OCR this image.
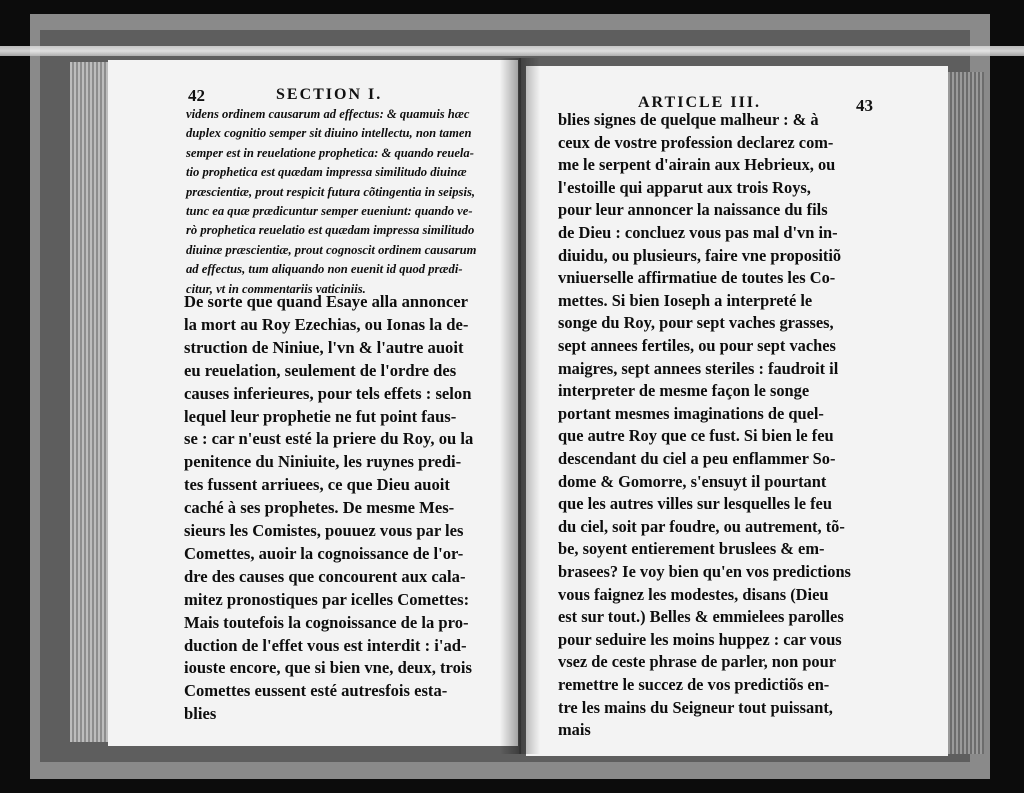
42	SECTION I.
videns ordinem causarum ad effectus: & quamuis hæc
duplex cognitio semper sit diuino intellectu, non tamen
semper est in reuelatione prophetica: & quando reuela-
tio prophetica est quædam impressa similitudo diuinæ
præscientiæ, prout respicit futura cõtingentia in seipsis,
tunc ea quæ prædicuntur semper eueniunt: quando ve-
rò prophetica reuelatio est quædam impressa similitudo
diuinæ præscientiæ, prout cognoscit ordinem causarum
ad effectus, tum aliquando non euenit id quod prædi-
citur, vt in commentariis vaticiniis.
De sorte que quand Esaye alla annoncer
la mort au Roy Ezechias, ou Ionas la de-
struction de Niniue, l'vn & l'autre auoit
eu reuelation, seulement de l'ordre des
causes inferieures, pour tels effets : selon
lequel leur prophetie ne fut point faus-
se : car n'eust esté la priere du Roy, ou la
penitence du Niniuite, les ruynes predi-
tes fussent arriuees, ce que Dieu auoit
caché à ses prophetes. De mesme Mes-
sieurs les Comistes, pouuez vous par les
Comettes, auoir la cognoissance de l'or-
dre des causes que concourent aux cala-
mitez pronostiques par icelles Comettes:
Mais toutefois la cognoissance de la pro-
duction de l'effet vous est interdit : i'ad-
iouste encore, que si bien vne, deux, trois
Comettes eussent esté autresfois esta-
blies
ARTICLE III.	43
blies signes de quelque malheur : & à
ceux de vostre profession declarez com-
me le serpent d'airain aux Hebrieux, ou
l'estoille qui apparut aux trois Roys,
pour leur annoncer la naissance du fils
de Dieu : concluez vous pas mal d'vn in-
diuidu, ou plusieurs, faire vne propositiõ
vniuerselle affirmatiue de toutes les Co-
mettes. Si bien Ioseph a interpreté le
songe du Roy, pour sept vaches grasses,
sept annees fertiles, ou pour sept vaches
maigres, sept annees steriles : faudroit il
interpreter de mesme façon le songe
portant mesmes imaginations de quel-
que autre Roy que ce fust. Si bien le feu
descendant du ciel a peu enflammer So-
dome & Gomorre, s'ensuyt il pourtant
que les autres villes sur lesquelles le feu
du ciel, soit par foudre, ou autrement, tõ-
be, soyent entierement bruslees & em-
brasees? Ie voy bien qu'en vos predictions
vous faignez les modestes, disans (Dieu
est sur tout.) Belles & emmielees parolles
pour seduire les moins huppez : car vous
vsez de ceste phrase de parler, non pour
remettre le succez de vos predictiõs en-
tre les mains du Seigneur tout puissant,
mais
